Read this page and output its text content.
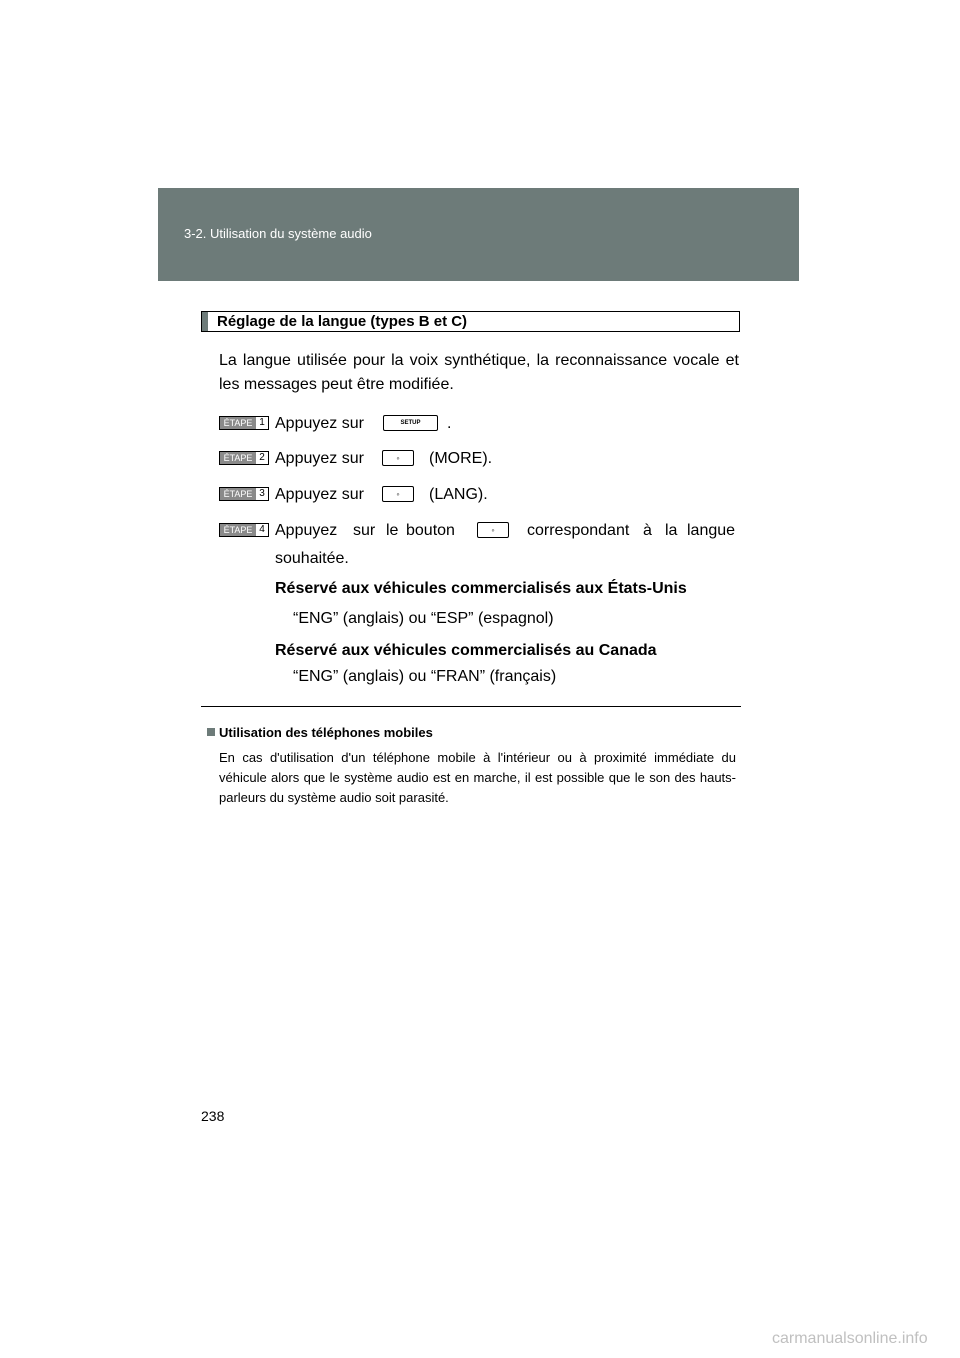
3-2. Utilisation du système audio
Réglage de la langue (types B et C)
La langue utilisée pour la voix synthétique, la reconnaissance vocale et les messages peut être modifiée.
ÉTAPE 1 Appuyez sur	SETUP	.
ÉTAPE 2 Appuyez sur	◦	(MORE).
ÉTAPE 3 Appuyez sur	◦	(LANG).
ÉTAPE 4 Appuyez sur le bouton	correspondant à la langue
◦
souhaitée.
Réservé aux véhicules commercialisés aux États-Unis
“ENG” (anglais) ou “ESP” (espagnol)
Réservé aux véhicules commercialisés au Canada
“ENG” (anglais) ou “FRAN” (français)
Utilisation des téléphones mobiles
En cas d'utilisation d'un téléphone mobile à l'intérieur ou à proximité immédiate du véhicule alors que le système audio est en marche, il est possible que le son des hauts-parleurs du système audio soit parasité.
238
carmanualsonline.info
